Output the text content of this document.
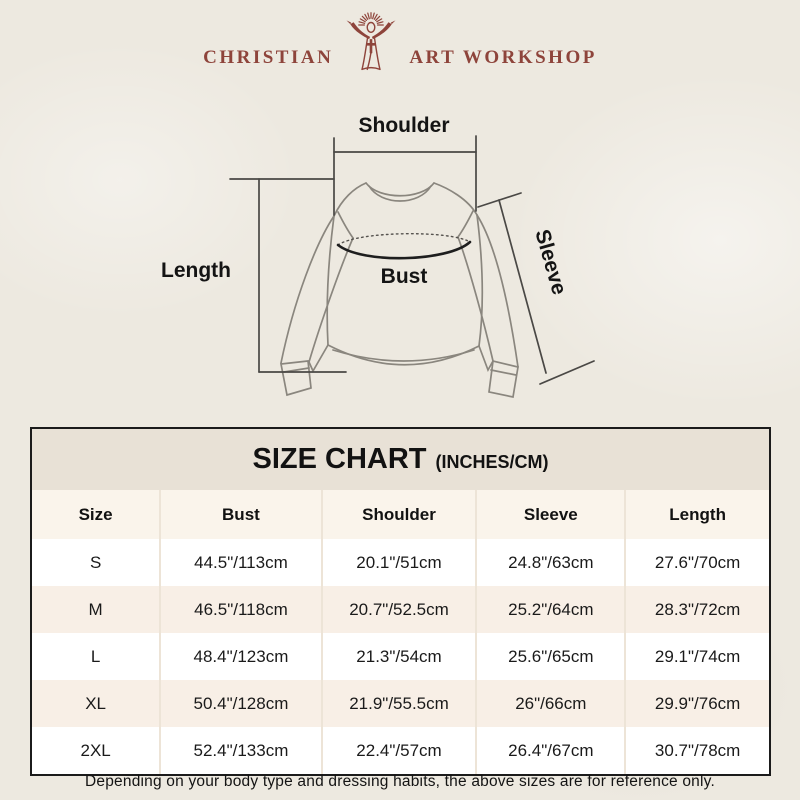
CHRISTIAN	ART WORKSHOP
Shoulder
Length	Bust	Sleeve
SIZE CHART (INCHES/CM)
Size	Bust	Shoulder	Sleeve	Length
S	44.5"/113cm	20.1"/51cm	24.8"/63cm	27.6"/70cm
M	46.5"/118cm	20.7"/52.5cm	25.2"/64cm	28.3"/72cm
L	48.4"/123cm	21.3"/54cm	25.6"/65cm	29.1"/74cm
XL	50.4"/128cm	21.9"/55.5cm	26"/66cm	29.9"/76cm
2XL	52.4"/133cm	22.4"/57cm	26.4"/67cm	30.7"/78cm
Depending on your body type and dressing habits, the above sizes are for reference only.
